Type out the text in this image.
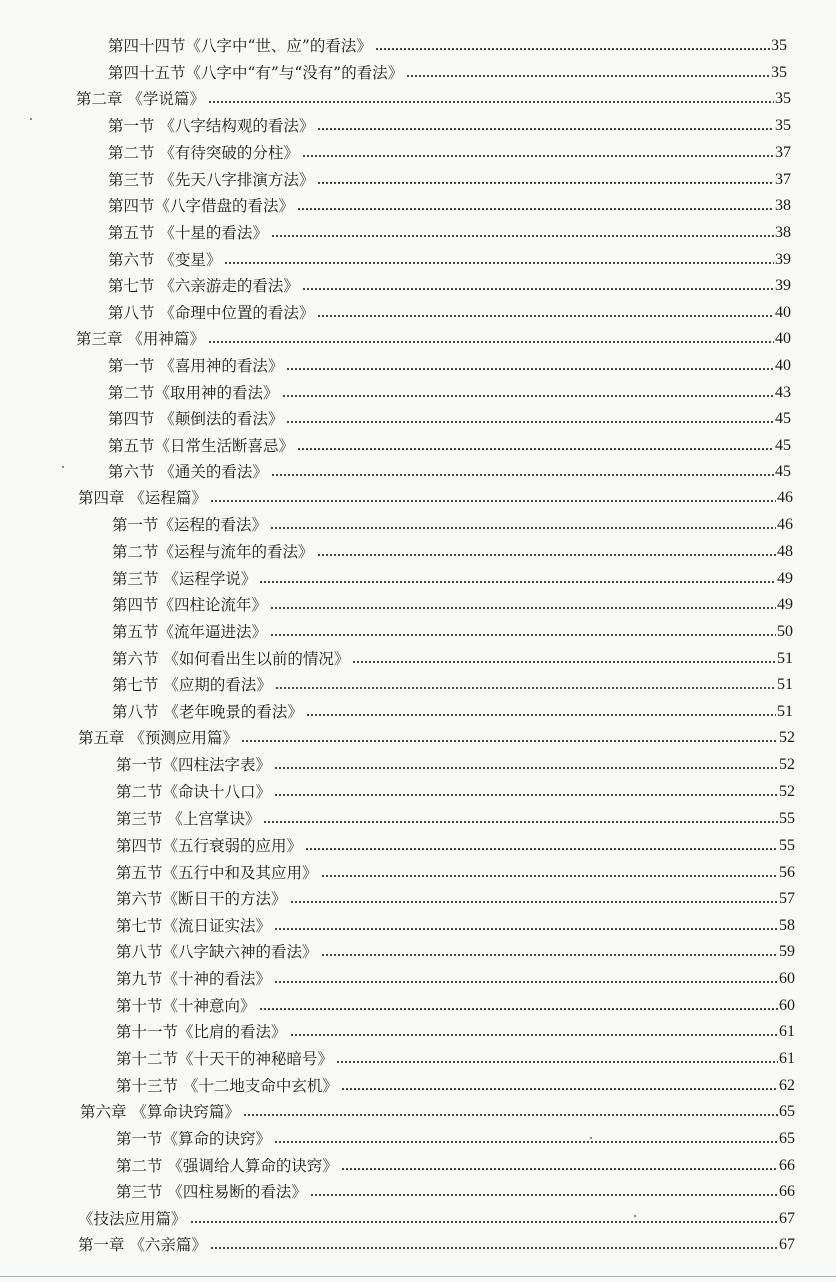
第四十四节《八字中“世、应”的看法》	35
第四十五节《八字中“有”与“没有”的看法》	35
第二章 《学说篇》	35
第一节 《八字结构观的看法》	35
第二节 《有待突破的分柱》	37
第三节 《先天八字排演方法》	37
第四节《八字借盘的看法》	38
第五节 《十星的看法》	38
第六节 《变星》	39
第七节 《六亲游走的看法》	39
第八节 《命理中位置的看法》	40
第三章 《用神篇》	40
第一节 《喜用神的看法》	40
第二节《取用神的看法》	43
第四节 《颠倒法的看法》	45
第五节《日常生活断喜忌》	45
第六节 《通关的看法》	45
第四章 《运程篇》	46
第一节《运程的看法》	46
第二节《运程与流年的看法》	48
第三节 《运程学说》	49
第四节《四柱论流年》	49
第五节《流年逼进法》	50
第六节 《如何看出生以前的情况》	51
第七节 《应期的看法》	51
第八节 《老年晚景的看法》	51
第五章 《预测应用篇》	52
第一节《四柱法字表》	52
第二节《命诀十八口》	52
第三节 《上宫掌诀》	55
第四节《五行衰弱的应用》	55
第五节《五行中和及其应用》	56
第六节《断日干的方法》	57
第七节《流日证实法》	58
第八节《八字缺六神的看法》	59
第九节《十神的看法》	60
第十节《十神意向》	60
第十一节《比肩的看法》	61
第十二节《十天干的神秘暗号》	61
第十三节 《十二地支命中玄机》	62
第六章 《算命诀窍篇》	65
第一节《算命的诀窍》	65
第二节 《强调给人算命的诀窍》	66
第三节 《四柱易断的看法》	66
《技法应用篇》	67
第一章 《六亲篇》	67
